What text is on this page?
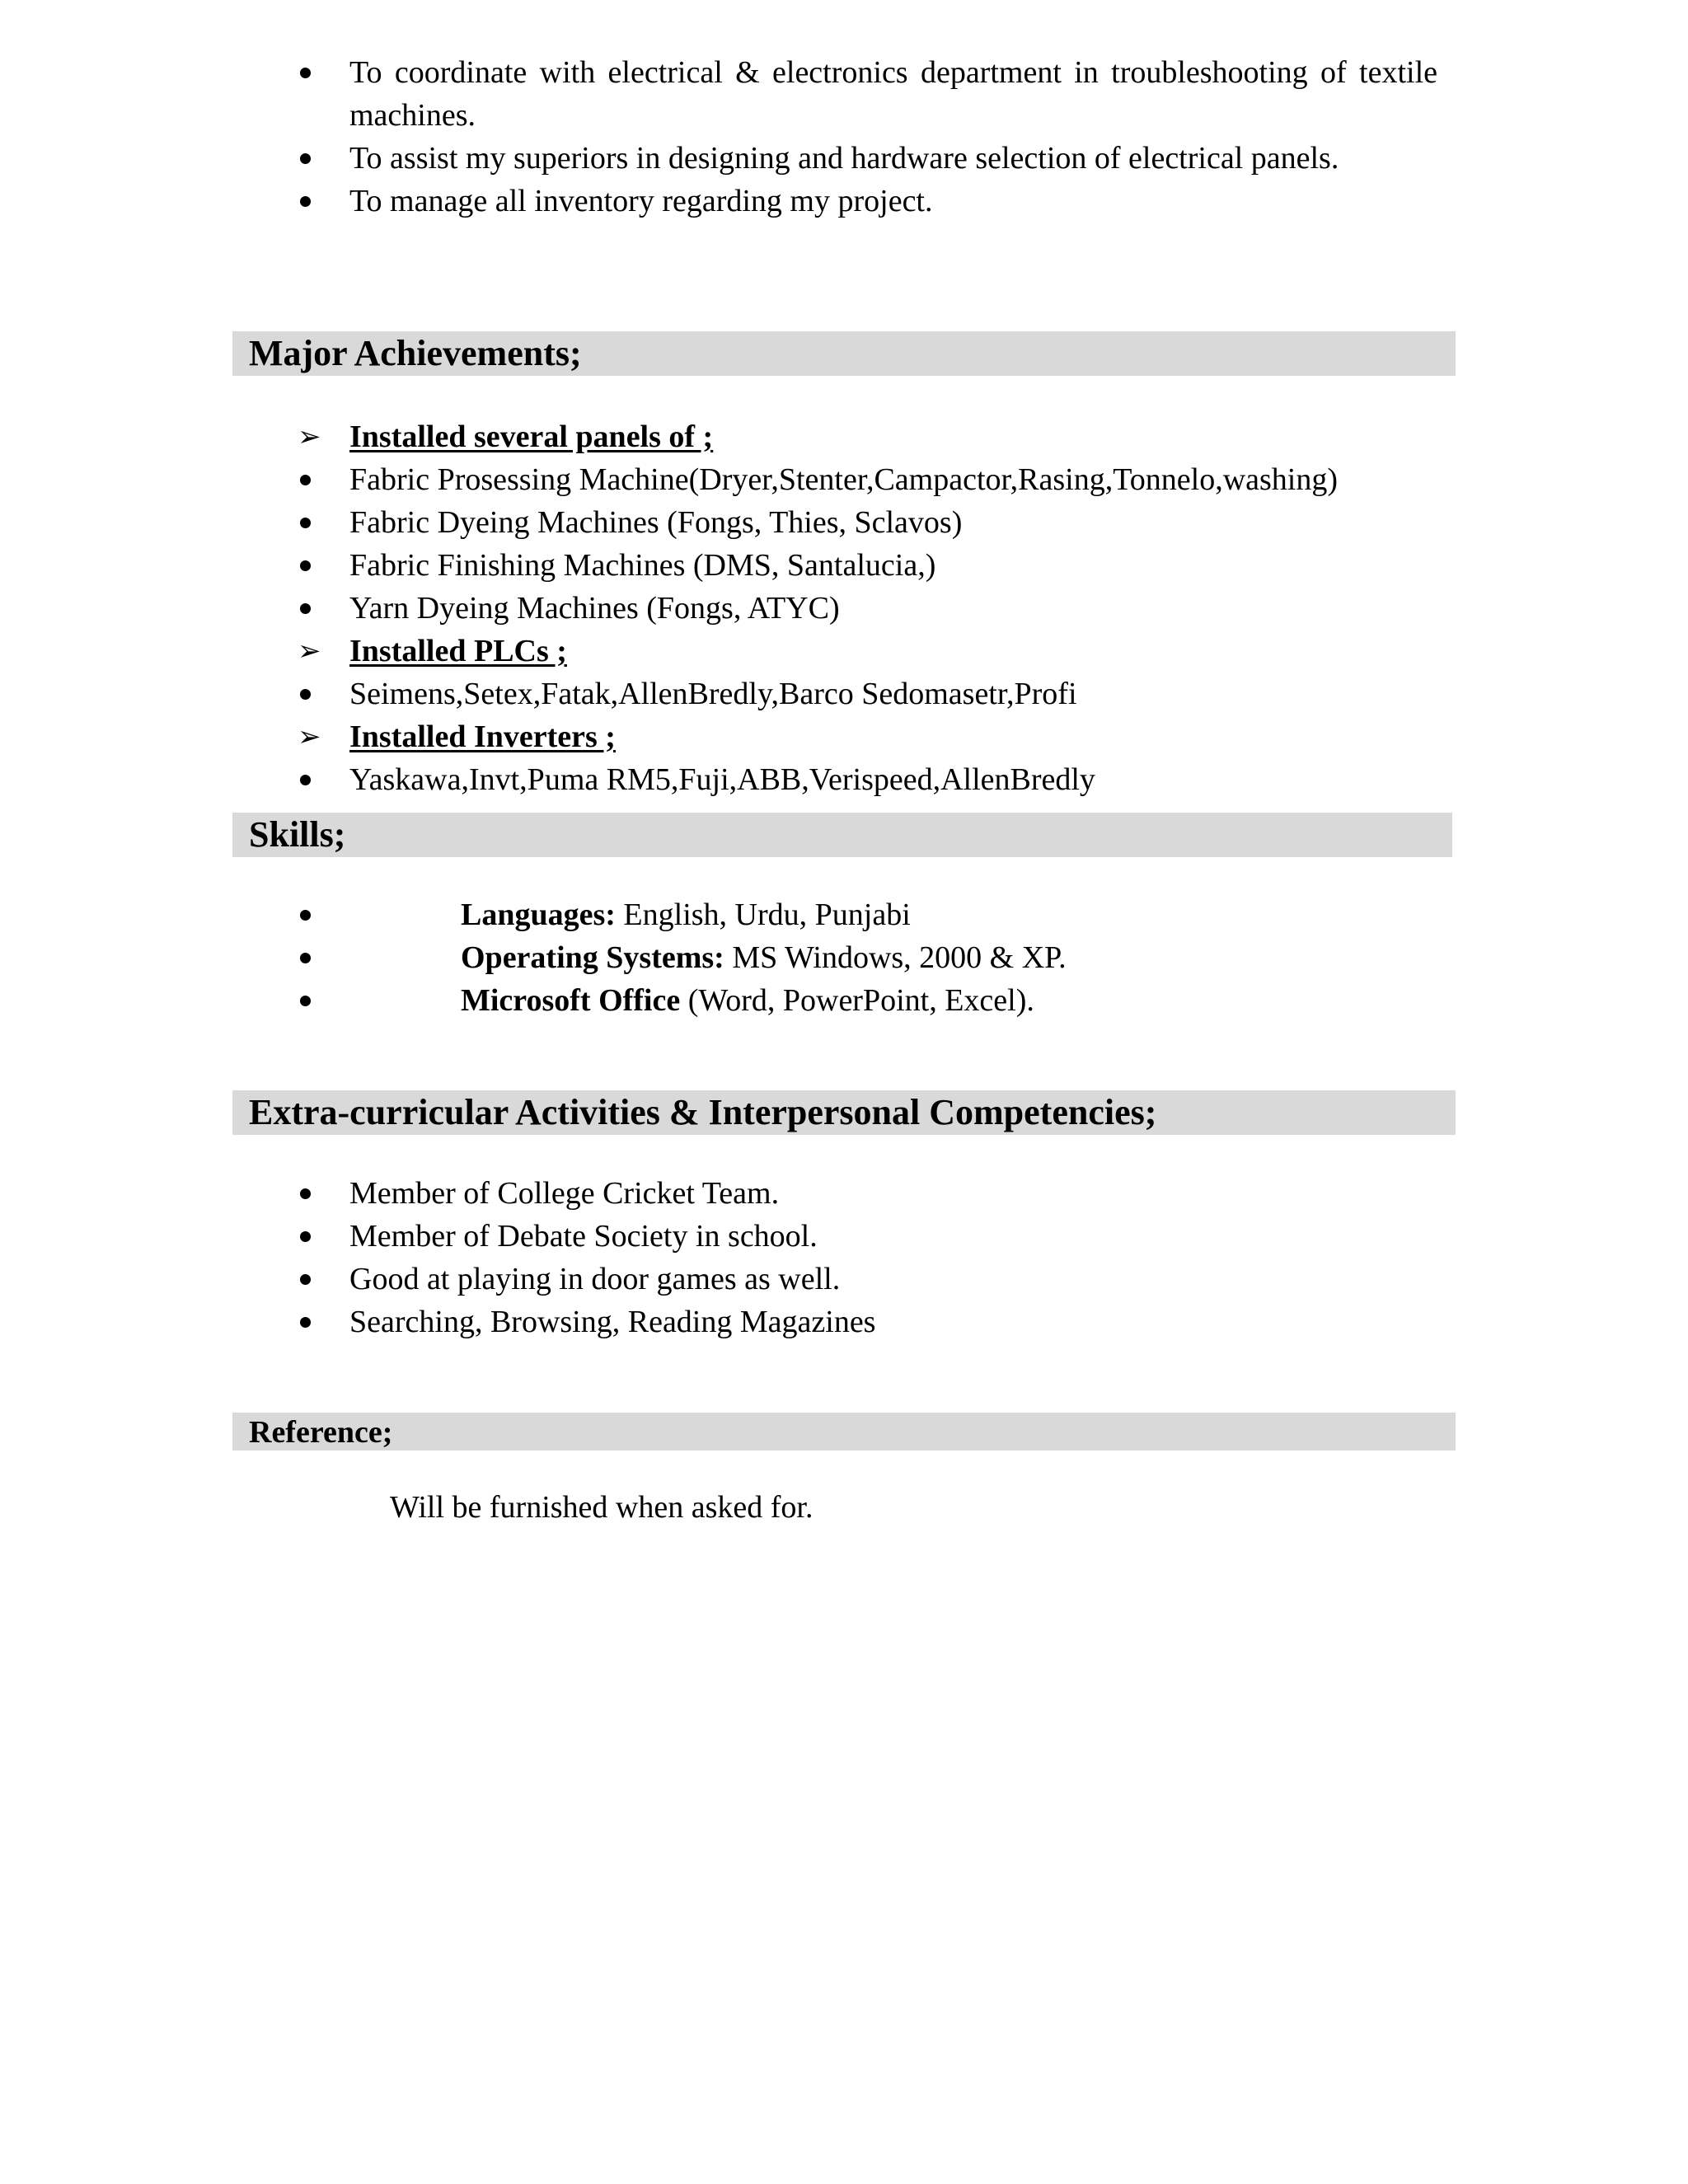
To coordinate with electrical & electronics department in troubleshooting of textile machines.
To assist my superiors in designing and hardware selection of electrical panels.
To manage all inventory regarding my project.
Major Achievements;
➢ Installed several panels of ;
Fabric Prosessing Machine(Dryer,Stenter,Campactor,Rasing,Tonnelo,washing)
Fabric Dyeing Machines (Fongs, Thies, Sclavos)
Fabric Finishing Machines (DMS, Santalucia,)
Yarn Dyeing Machines (Fongs, ATYC)
➢ Installed PLCs ;
Seimens,Setex,Fatak,AllenBredly,Barco Sedomasetr,Profi
➢ Installed Inverters ;
Yaskawa,Invt,Puma RM5,Fuji,ABB,Verispeed,AllenBredly
Skills;
Languages: English, Urdu, Punjabi
Operating Systems: MS Windows, 2000 & XP.
Microsoft Office (Word, PowerPoint, Excel).
Extra-curricular Activities & Interpersonal Competencies;
Member of College Cricket Team.
Member of Debate Society in school.
Good at playing in door games as well.
Searching, Browsing, Reading Magazines
Reference;
Will be furnished when asked for.
